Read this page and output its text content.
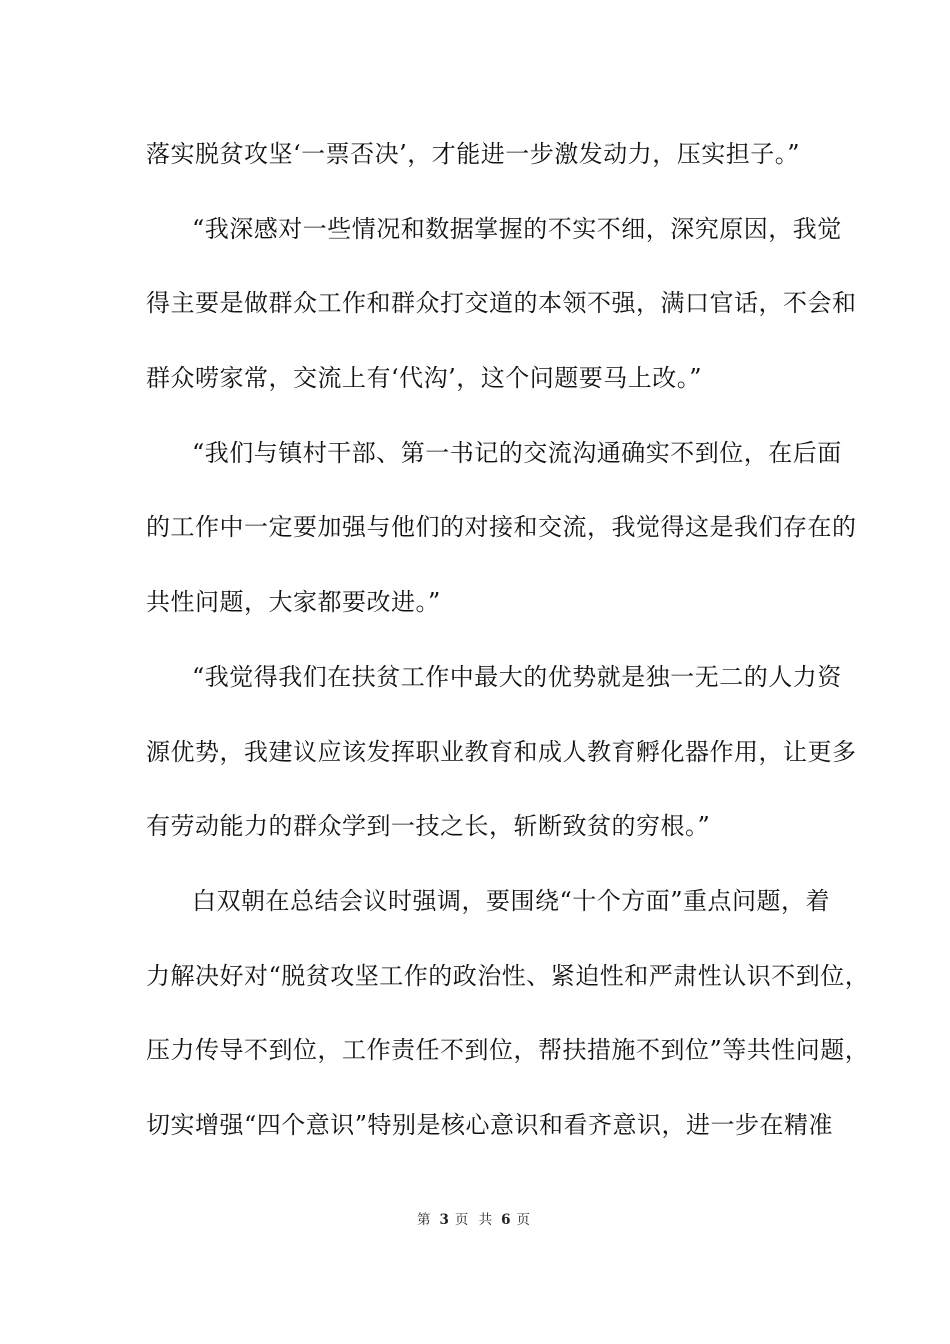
落实脱贫攻坚‘一票否决’，才能进一步激发动力，压实担子。”
“我深感对一些情况和数据掌握的不实不细，深究原因，我觉
得主要是做群众工作和群众打交道的本领不强，满口官话，不会和
群众唠家常，交流上有‘代沟’，这个问题要马上改。”
“我们与镇村干部、第一书记的交流沟通确实不到位，在后面
的工作中一定要加强与他们的对接和交流，我觉得这是我们存在的
共性问题，大家都要改进。”
“我觉得我们在扶贫工作中最大的优势就是独一无二的人力资
源优势，我建议应该发挥职业教育和成人教育孵化器作用，让更多
有劳动能力的群众学到一技之长，斩断致贫的穷根。”
白双朝在总结会议时强调，要围绕“十个方面”重点问题，着
力解决好对“脱贫攻坚工作的政治性、紧迫性和严肃性认识不到位，
压力传导不到位，工作责任不到位，帮扶措施不到位”等共性问题，
切实增强“四个意识”特别是核心意识和看齐意识，进一步在精准
第 3 页 共 6 页
